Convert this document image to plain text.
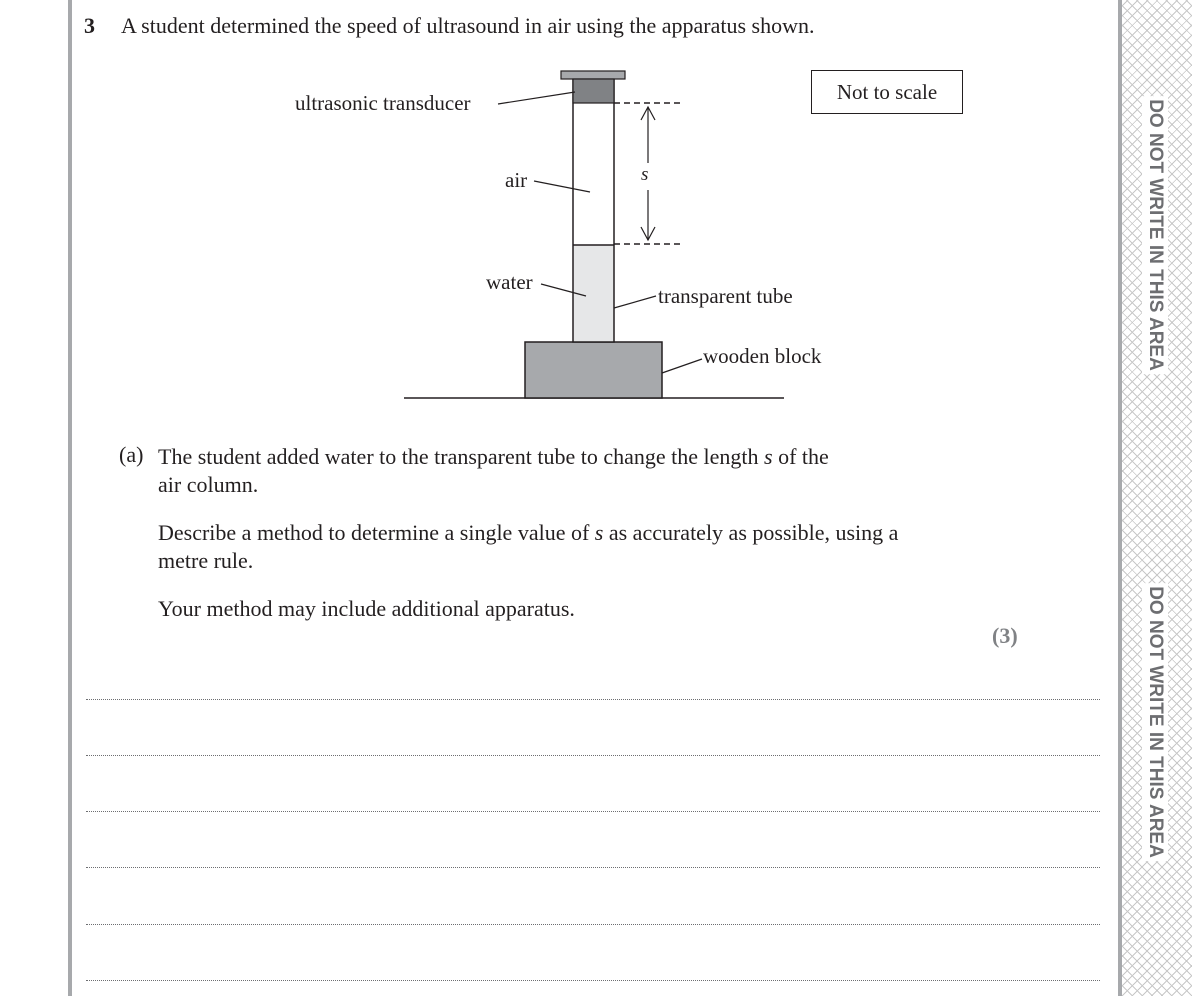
DO NOT WRITE IN THIS AREA
DO NOT WRITE IN THIS AREA
3 A student determined the speed of ultrasound in air using the apparatus shown.
Not to scale
ultrasonic transducer
air	s
water
transparent tube
wooden block
(a) The student added water to the transparent tube to change the length s of the
air column.
Describe a method to determine a single value of s as accurately as possible, using a
metre rule.
Your method may include additional apparatus.
(3)
